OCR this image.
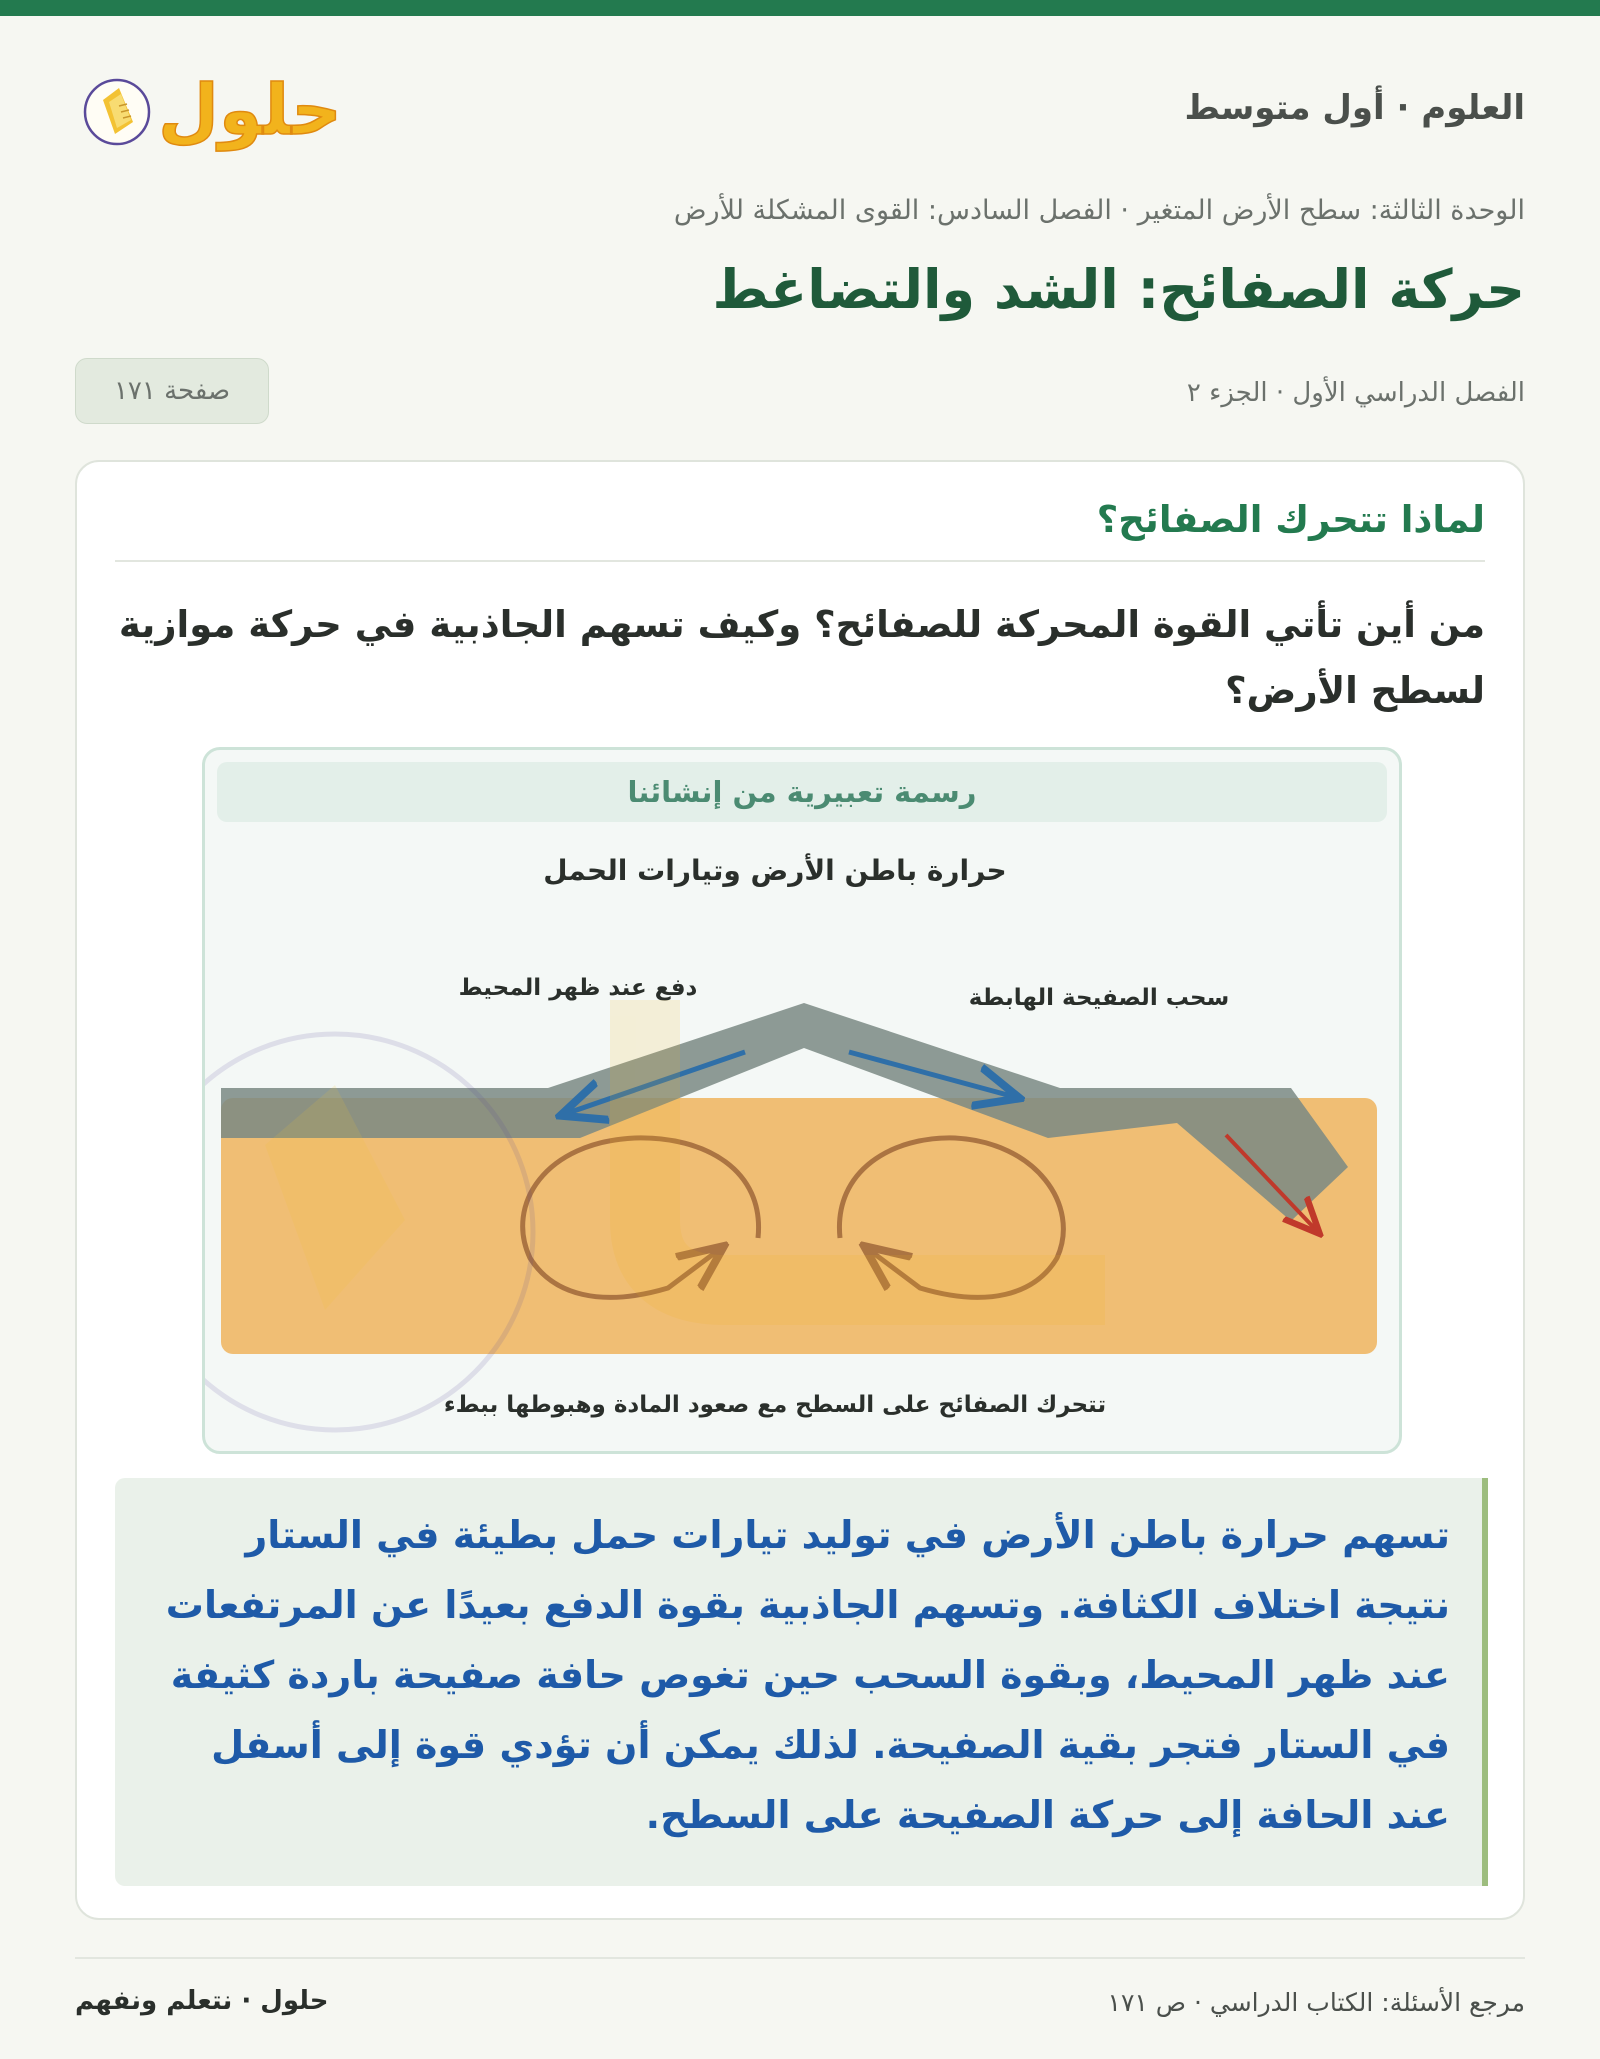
العلوم · أول متوسط
حلول
الوحدة الثالثة: سطح الأرض المتغير · الفصل السادس: القوى المشكلة للأرض
حركة الصفائح: الشد والتضاغط
الفصل الدراسي الأول · الجزء ٢
صفحة ١٧١
لماذا تتحرك الصفائح؟
من أين تأتي القوة المحركة للصفائح؟ وكيف تسهم الجاذبية في حركة موازية لسطح الأرض؟
رسمة تعبيرية من إنشائنا
حرارة باطن الأرض وتيارات الحمل
دفع عند ظهر المحيط	سحب الصفيحة الهابطة
تتحرك الصفائح على السطح مع صعود المادة وهبوطها ببطء
تسهم حرارة باطن الأرض في توليد تيارات حمل بطيئة في الستار نتيجة اختلاف الكثافة. وتسهم الجاذبية بقوة الدفع بعيدًا عن المرتفعات عند ظهر المحيط، وبقوة السحب حين تغوص حافة صفيحة باردة كثيفة في الستار فتجر بقية الصفيحة. لذلك يمكن أن تؤدي قوة إلى أسفل عند الحافة إلى حركة الصفيحة على السطح.
مرجع الأسئلة: الكتاب الدراسي · ص ١٧١
حلول · نتعلم ونفهم
